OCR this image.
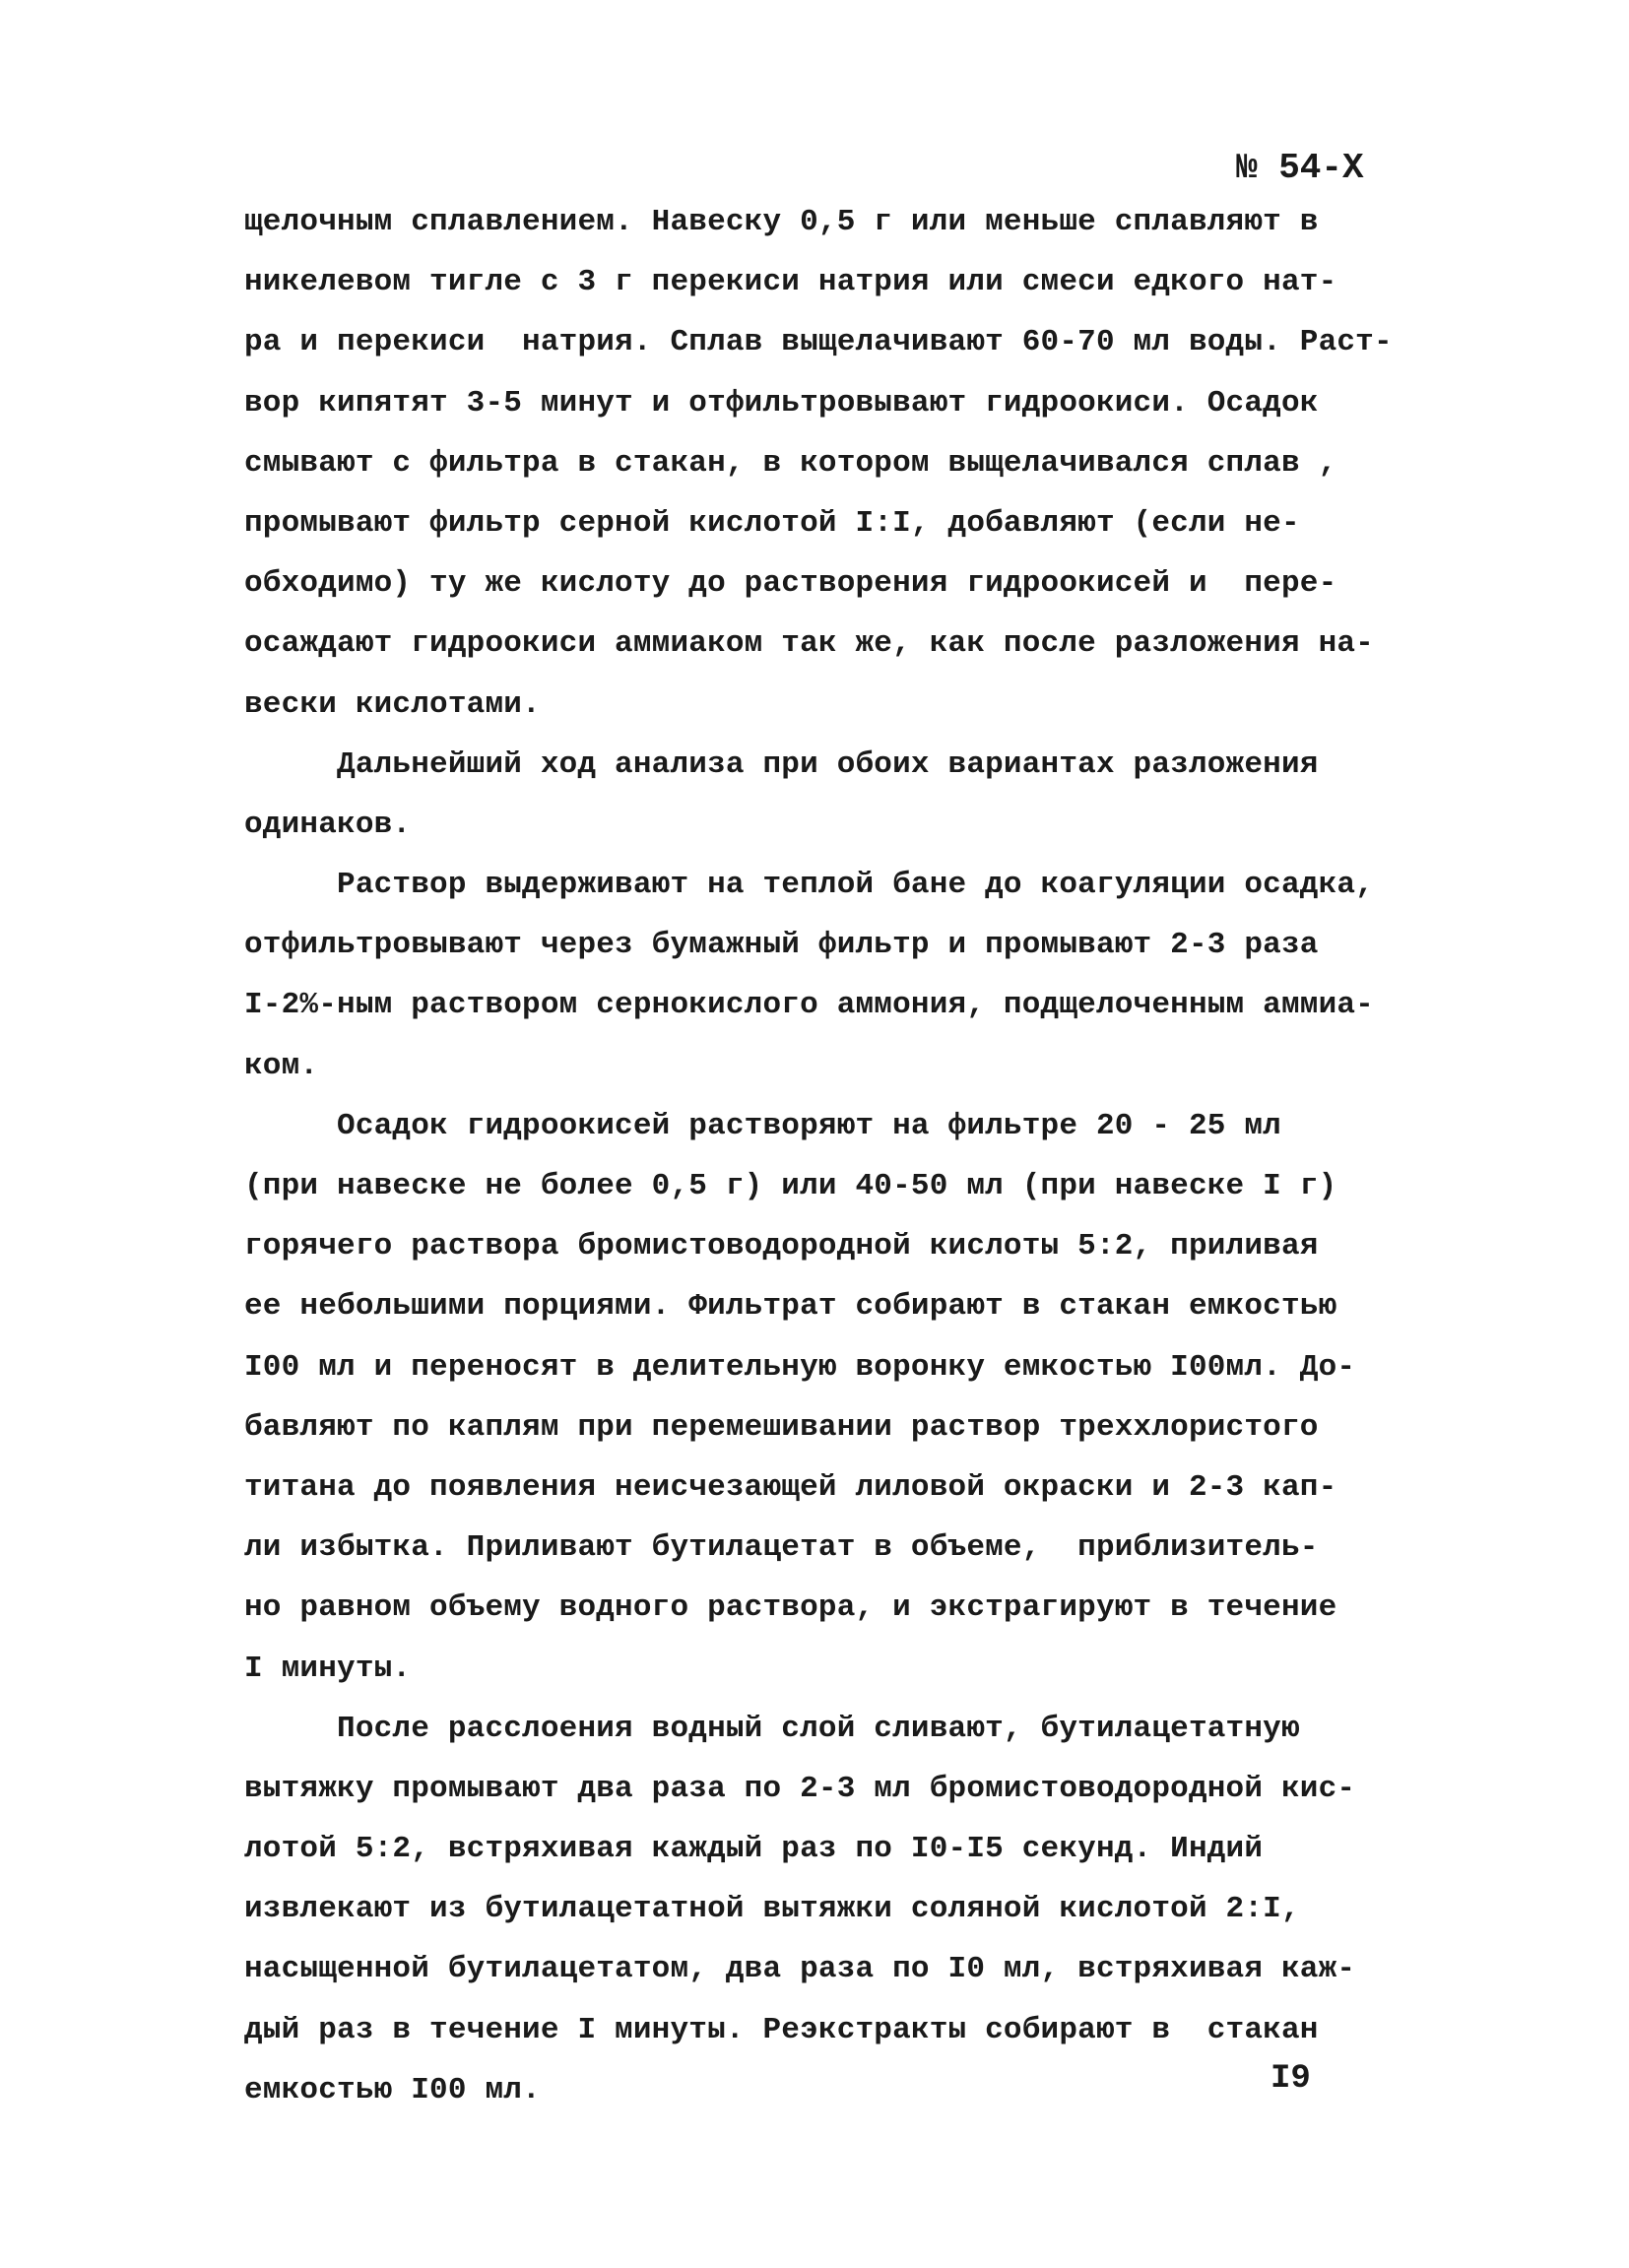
№ 54-Х
щелочным сплавлением. Навеску 0,5 г или меньше сплавляют в
никелевом тигле с 3 г перекиси натрия или смеси едкого нат-
ра и перекиси  натрия. Сплав выщелачивают 60-70 мл воды. Раст-
вор кипятят 3-5 минут и отфильтровывают гидроокиси. Осадок
смывают с фильтра в стакан, в котором выщелачивался сплав ,
промывают фильтр серной кислотой I:I, добавляют (если не-
обходимо) ту же кислоту до растворения гидроокисей и  пере-
осаждают гидроокиси аммиаком так же, как после разложения на-
вески кислотами.
Дальнейший ход анализа при обоих вариантах разложения
одинаков.
Раствор выдерживают на теплой бане до коагуляции осадка,
отфильтровывают через бумажный фильтр и промывают 2-3 раза
I-2%-ным раствором сернокислого аммония, подщелоченным аммиа-
ком.
Осадок гидроокисей растворяют на фильтре 20 - 25 мл
(при навеске не более 0,5 г) или 40-50 мл (при навеске I г)
горячего раствора бромистоводородной кислоты 5:2, приливая
ее небольшими порциями. Фильтрат собирают в стакан емкостью
I00 мл и переносят в делительную воронку емкостью I00мл. До-
бавляют по каплям при перемешивании раствор треххлористого
титана до появления неисчезающей лиловой окраски и 2-3 кап-
ли избытка. Приливают бутилацетат в объеме,  приблизитель-
но равном объему водного раствора, и экстрагируют в течение
I минуты.
После расслоения водный слой сливают, бутилацетатную
вытяжку промывают два раза по 2-3 мл бромистоводородной кис-
лотой 5:2, встряхивая каждый раз по I0-I5 секунд. Индий
извлекают из бутилацетатной вытяжки соляной кислотой 2:I,
насыщенной бутилацетатом, два раза по I0 мл, встряхивая каж-
дый раз в течение I минуты. Реэкстракты собирают в  стакан
емкостью I00 мл.	I9
